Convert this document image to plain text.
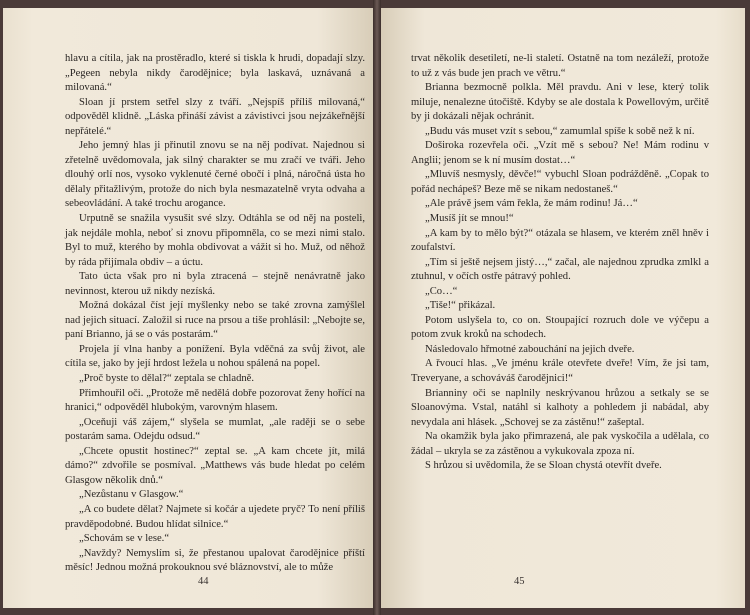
hlavu a cítila, jak na prostěradlo, které si tiskla k hrudi, dopadají slzy. „Pegeen nebyla nikdy čarodějnice; byla laskavá, uznávaná a milovaná.“

Sloan jí prstem setřel slzy z tváří. „Nejspíš příliš milovaná,“ odpověděl klidně. „Láska přináší závist a závistivci jsou nejzákeřnější nepřátelé.“

Jeho jemný hlas ji přinutil znovu se na něj podívat. Najednou si zřetelně uvědomovala, jak silný charakter se mu zračí ve tváři. Jeho dlouhý orlí nos, vysoko vyklenuté černé obočí i plná, náročná ústa ho dělaly přitažlivým, protože do nich byla nesmazatelně vryta odvaha a sebeovládání. A také trochu arogance.

Urputně se snažila vysušit své slzy. Odtáhla se od něj na posteli, jak nejdále mohla, neboť si znovu připomněla, co se mezi nimi stalo. Byl to muž, kterého by mohla obdivovat a vážit si ho. Muž, od něhož by ráda přijímala obdiv – a úctu.

Tato úcta však pro ni byla ztracená – stejně nenávratně jako nevinnost, kterou už nikdy nezíská.

Možná dokázal číst její myšlenky nebo se také zrovna zamýšlel nad jejich situací. Založil si ruce na prsou a tiše prohlásil: „Nebojte se, paní Brianno, já se o vás postarám.“

Projela jí vlna hanby a ponížení. Byla vděčná za svůj život, ale cítila se, jako by její hrdost ležela u nohou spálená na popel.

„Proč byste to dělal?“ zeptala se chladně.

Přimhouřil oči. „Protože mě nedělá dobře pozorovat ženy hořící na hranici,“ odpověděl hlubokým, varovným hlasem.

„Oceňuji váš zájem,“ slyšela se mumlat, „ale raději se o sebe postarám sama. Odejdu odsud.“

„Chcete opustit hostinec?“ zeptal se. „A kam chcete jít, milá dámo?“ zdvořile se posmíval. „Matthews vás bude hledat po celém Glasgow několik dnů.“

„Nezůstanu v Glasgow.“

„A co budete dělat? Najmete si kočár a ujedete pryč? To není příliš pravděpodobné. Budou hlídat silnice.“

„Schovám se v lese.“

„Navždy? Nemyslím si, že přestanou upalovat čarodějnice příští měsíc! Jednou možná prokouknou své bláznovství, ale to může

44

trvat několik desetiletí, ne-li staletí. Ostatně na tom nezáleží, protože to už z vás bude jen prach ve větru.“

Brianna bezmocně polkla. Měl pravdu. Ani v lese, který tolik miluje, nenalezne útočiště. Kdyby se ale dostala k Powellovým, určitě by ji dokázali nějak ochránit.

„Budu vás muset vzít s sebou,“ zamumlal spíše k sobě než k ní.

Doširoka rozevřela oči. „Vzít mě s sebou? Ne! Mám rodinu v Anglii; jenom se k ní musím dostat…“

„Mluvíš nesmysly, děvče!“ vybuchl Sloan podrážděně. „Copak to pořád nechápeš? Beze mě se nikam nedostaneš.“

„Ale právě jsem vám řekla, že mám rodinu! Já…“

„Musíš jít se mnou!“

„A kam by to mělo být?“ otázala se hlasem, ve kterém zněl hněv i zoufalství.

„Tím si ještě nejsem jistý…,“ začal, ale najednou zprudka zmlkl a ztuhnul, v očích ostře pátravý pohled.

„Co…“

„Tiše!“ přikázal.

Potom uslyšela to, co on. Stoupající rozruch dole ve výčepu a potom zvuk kroků na schodech.

Následovalo hřmotné zabouchání na jejich dveře.

A řvoucí hlas. „Ve jménu krále otevřete dveře! Vím, že jsi tam, Treveryane, a schováváš čarodějnici!“

Brianniny oči se naplnily neskrývanou hrůzou a setkaly se se Sloanovýma. Vstal, natáhl si kalhoty a pohledem ji nabádal, aby nevydala ani hlásek. „Schovej se za zástěnu!“ zašeptal.

Na okamžik byla jako přimrazená, ale pak vyskočila a udělala, co žádal – ukryla se za zástěnou a vykukovala zpoza ní.

S hrůzou si uvědomila, že se Sloan chystá otevřít dveře.

45
